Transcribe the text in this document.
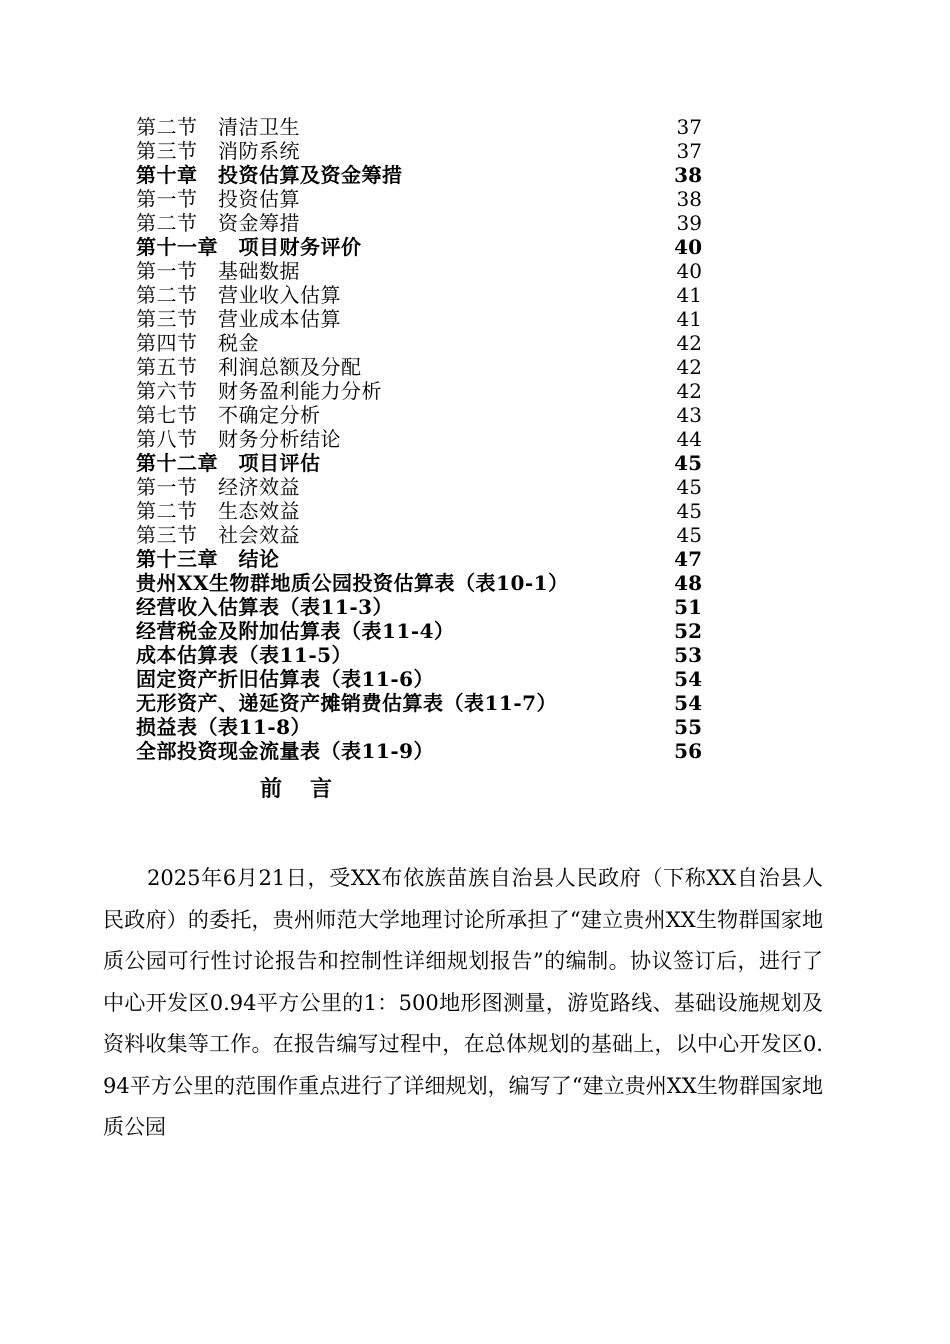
第二节　清洁卫生	37
第三节　消防系统	37
第十章　投资估算及资金筹措	38
第一节　投资估算	38
第二节　资金筹措	39
第十一章　项目财务评价	40
第一节　基础数据	40
第二节　营业收入估算	41
第三节　营业成本估算	41
第四节　税金	42
第五节　利润总额及分配	42
第六节　财务盈利能力分析	42
第七节　不确定分析	43
第八节　财务分析结论	44
第十二章　项目评估	45
第一节　经济效益	45
第二节　生态效益	45
第三节　社会效益	45
第十三章　结论	47
贵州XX生物群地质公园投资估算表（表10-1）	48
经营收入估算表（表11-3）	51
经营税金及附加估算表（表11-4）	52
成本估算表（表11-5）	53
固定资产折旧估算表（表11-6）	54
无形资产、递延资产摊销费估算表（表11-7）	54
损益表（表11-8）	55
全部投资现金流量表（表11-9）	56
前言
2025年6月21日，受XX布依族苗族自治县人民政府（下称XX自治县人民政府）的委托，贵州师范大学地理讨论所承担了“建立贵州XX生物群国家地质公园可行性讨论报告和控制性详细规划报告”的编制。协议签订后，进行了中心开发区0.94平方公里的1：500地形图测量，游览路线、基础设施规划及资料收集等工作。在报告编写过程中，在总体规划的基础上，以中心开发区0.94平方公里的范围作重点进行了详细规划，编写了“建立贵州XX生物群国家地质公园
